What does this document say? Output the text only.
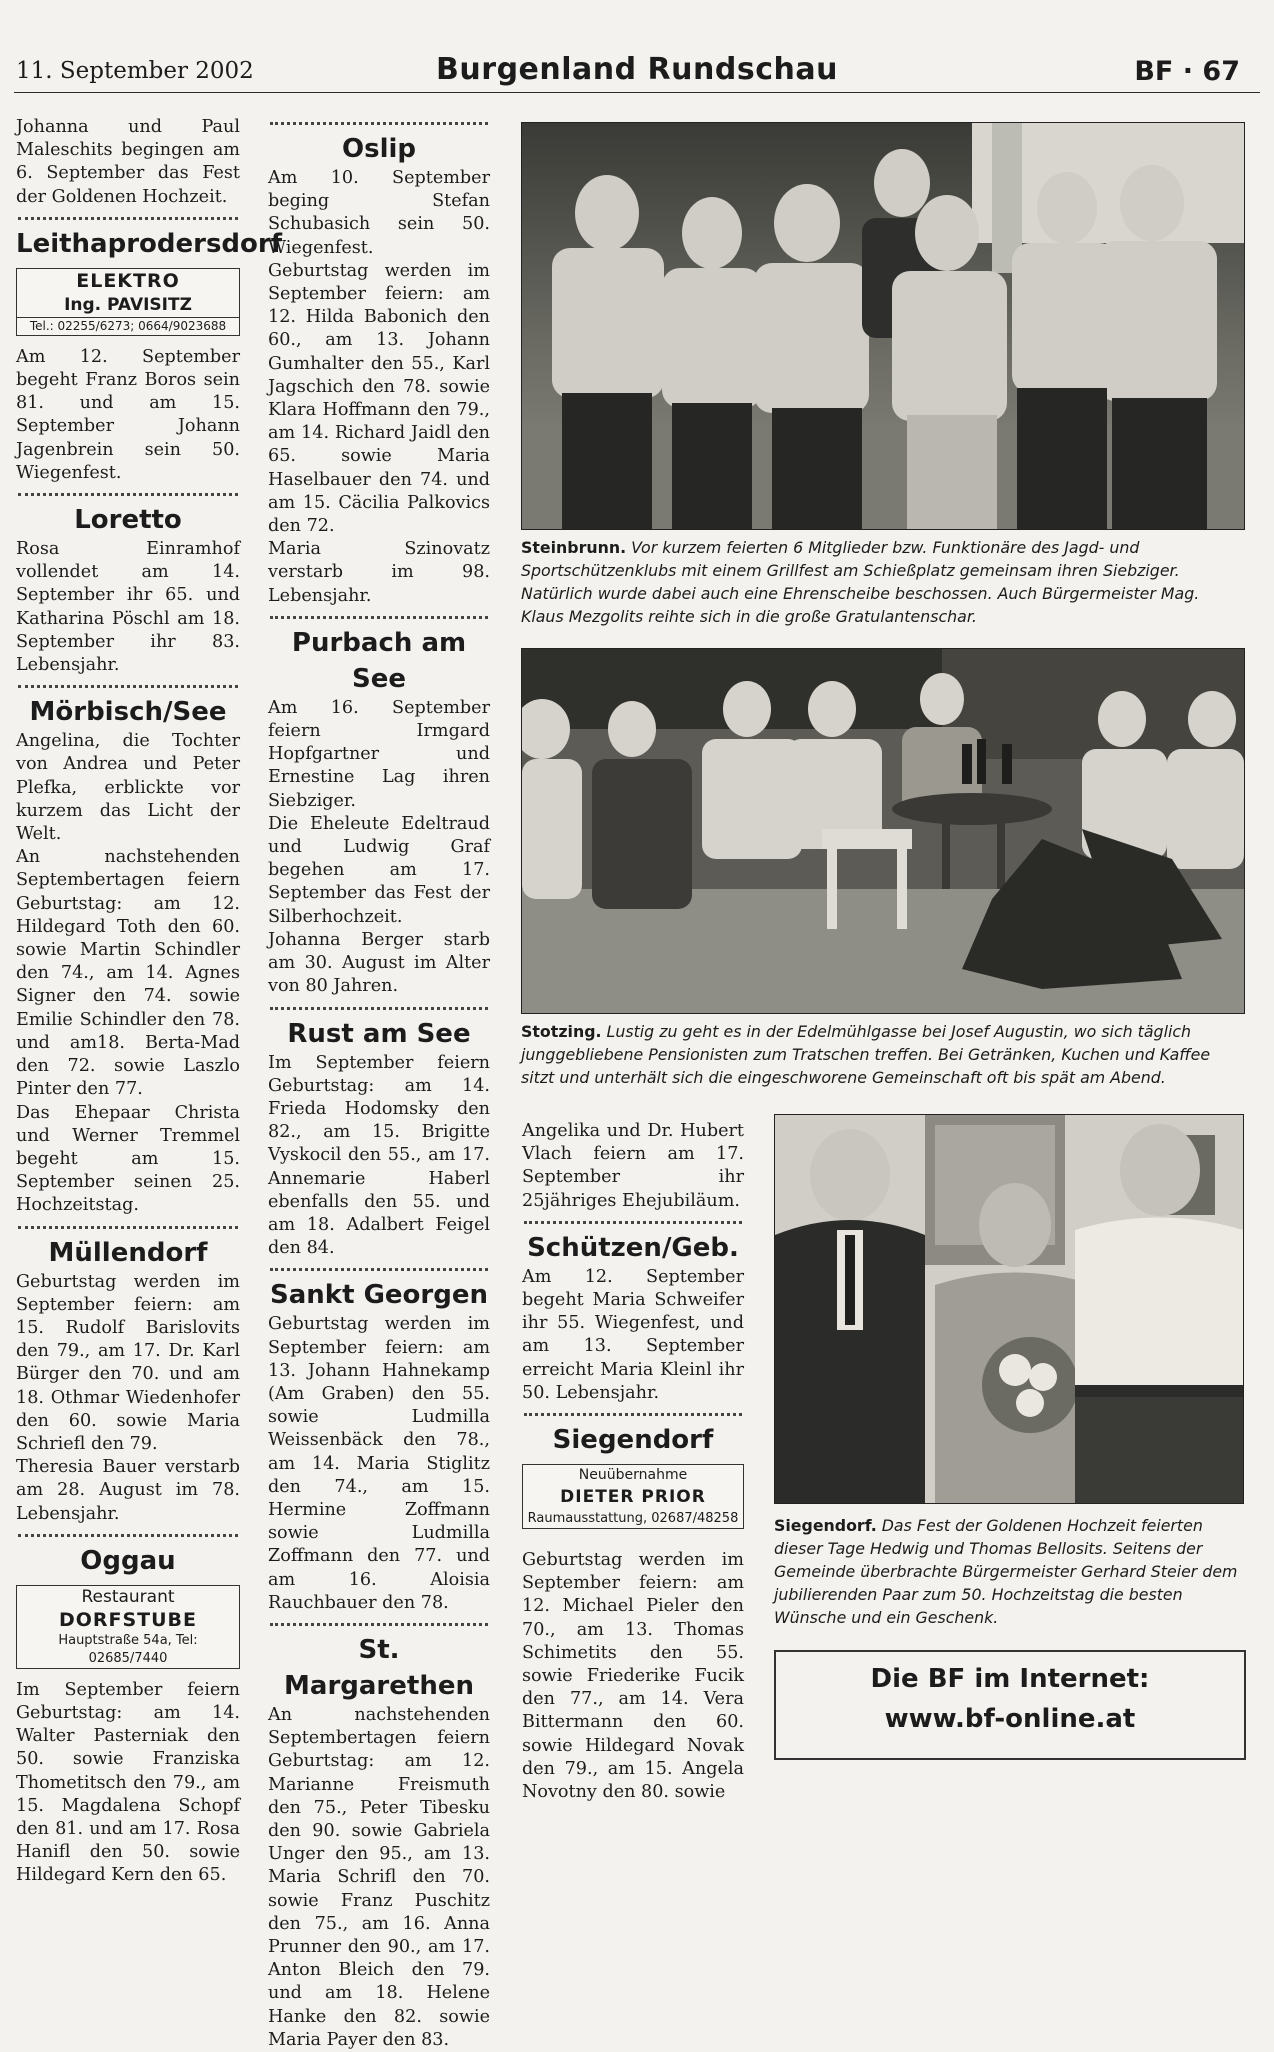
11. September 2002	Burgenland Rundschau	BF · 67

Johanna und Paul Maleschits begingen am 6. September das Fest der Goldenen Hochzeit.

Leithaprodersdorf
ELEKTRO
Ing. PAVISITZ
Tel.: 02255/6273; 0664/9023688

Am 12. September begeht Franz Boros sein 81. und am 15. September Johann Jagenbrein sein 50. Wiegenfest.

Loretto

Rosa Einramhof vollendet am 14. September ihr 65. und Katharina Pöschl am 18. September ihr 83. Lebensjahr.

Mörbisch/See

Angelina, die Tochter von Andrea und Peter Plefka, erblickte vor kurzem das Licht der Welt.

An nachstehenden Septembertagen feiern Geburtstag: am 12. Hildegard Toth den 60. sowie Martin Schindler den 74., am 14. Agnes Signer den 74. sowie Emilie Schindler den 78. und am18. Berta-Mad den 72. sowie Laszlo Pinter den 77.

Das Ehepaar Christa und Werner Tremmel begeht am 15. September seinen 25. Hochzeitstag.

Müllendorf

Geburtstag werden im September feiern: am 15. Rudolf Barislovits den 79., am 17. Dr. Karl Bürger den 70. und am 18. Othmar Wiedenhofer den 60. sowie Maria Schriefl den 79.

Theresia Bauer verstarb am 28. August im 78. Lebensjahr.

Oggau
Restaurant
DORFSTUBE
Hauptstraße 54a, Tel: 02685/7440

Im September feiern Geburtstag: am 14. Walter Pasterniak den 50. sowie Franziska Thometitsch den 79., am 15. Magdalena Schopf den 81. und am 17. Rosa Hanifl den 50. sowie Hildegard Kern den 65.

Oslip

Am 10. September beging Stefan Schubasich sein 50. Wiegenfest.

Geburtstag werden im September feiern: am 12. Hilda Babonich den 60., am 13. Johann Gumhalter den 55., Karl Jagschich den 78. sowie Klara Hoffmann den 79., am 14. Richard Jaidl den 65. sowie Maria Haselbauer den 74. und am 15. Cäcilia Palkovics den 72.

Maria Szinovatz verstarb im 98. Lebensjahr.

Purbach am See

Am 16. September feiern Irmgard Hopfgartner und Ernestine Lag ihren Siebziger.

Die Eheleute Edeltraud und Ludwig Graf begehen am 17. September das Fest der Silberhochzeit.

Johanna Berger starb am 30. August im Alter von 80 Jahren.

Rust am See

Im September feiern Geburtstag: am 14. Frieda Hodomsky den 82., am 15. Brigitte Vyskocil den 55., am 17. Annemarie Haberl ebenfalls den 55. und am 18. Adalbert Feigel den 84.

Sankt Georgen

Geburtstag werden im September feiern: am 13. Johann Hahnekamp (Am Graben) den 55. sowie Ludmilla Weissenbäck den 78., am 14. Maria Stiglitz den 74., am 15. Hermine Zoffmann sowie Ludmilla Zoffmann den 77. und am 16. Aloisia Rauchbauer den 78.

St. Margarethen

An nachstehenden Septembertagen feiern Geburtstag: am 12. Marianne Freismuth den 75., Peter Tibesku den 90. sowie Gabriela Unger den 95., am 13. Maria Schrifl den 70. sowie Franz Puschitz den 75., am 16. Anna Prunner den 90., am 17. Anton Bleich den 79. und am 18. Helene Hanke den 82. sowie Maria Payer den 83.

Steinbrunn. Vor kurzem feierten 6 Mitglieder bzw. Funktionäre des Jagd- und Sportschützenklubs mit einem Grillfest am Schießplatz gemeinsam ihren Siebziger. Natürlich wurde dabei auch eine Ehrenscheibe beschossen. Auch Bürgermeister Mag. Klaus Mezgolits reihte sich in die große Gratulantenschar.
Stotzing. Lustig zu geht es in der Edelmühlgasse bei Josef Augustin, wo sich täglich junggebliebene Pensionisten zum Tratschen treffen. Bei Getränken, Kuchen und Kaffee sitzt und unterhält sich die eingeschworene Gemeinschaft oft bis spät am Abend.

Angelika und Dr. Hubert Vlach feiern am 17. September ihr 25jähriges Ehejubiläum.

Schützen/Geb.

Am 12. September begeht Maria Schweifer ihr 55. Wiegenfest, und am 13. September erreicht Maria Kleinl ihr 50. Lebensjahr.

Siegendorf
Neuübernahme
DIETER PRIOR
Raumausstattung, 02687/48258

Geburtstag werden im September feiern: am 12. Michael Pieler den 70., am 13. Thomas Schimetits den 55. sowie Friederike Fucik den 77., am 14. Vera Bittermann den 60. sowie Hildegard Novak den 79., am 15. Angela Novotny den 80. sowie

Siegendorf. Das Fest der Goldenen Hochzeit feierten dieser Tage Hedwig und Thomas Bellosits. Seitens der Gemeinde überbrachte Bürgermeister Gerhard Steier dem jubilierenden Paar zum 50. Hochzeitstag die besten Wünsche und ein Geschenk.
Die BF im Internet:
www.bf-online.at
